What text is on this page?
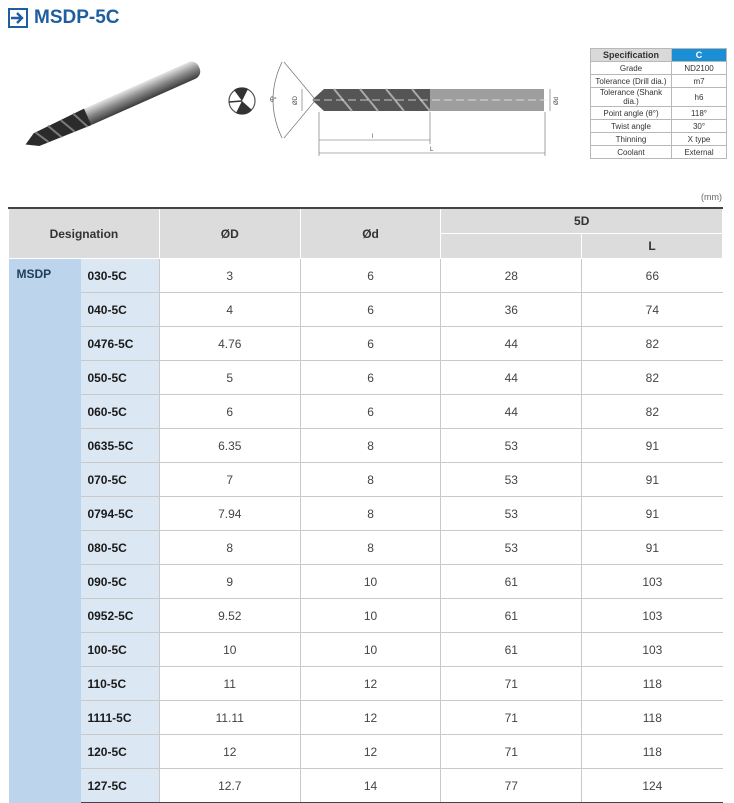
MSDP-5C
θ°	ØD	Ød
l
L
Specification	C
Grade	ND2100
Tolerance (Drill dia.)	m7
Tolerance (Shank dia.)	h6
Point angle (θ°)	118°
Twist angle	30°
Thinning	X type
Coolant	External
(mm)
Designation		ØD	Ød	5D	
					L
MSDP	030-5C	3	6	28	66
	040-5C	4	6	36	74
	0476-5C	4.76	6	44	82
	050-5C	5	6	44	82
	060-5C	6	6	44	82
	0635-5C	6.35	8	53	91
	070-5C	7	8	53	91
	0794-5C	7.94	8	53	91
	080-5C	8	8	53	91
	090-5C	9	10	61	103
	0952-5C	9.52	10	61	103
	100-5C	10	10	61	103
	110-5C	11	12	71	118
	1111-5C	11.11	12	71	118
	120-5C	12	12	71	118
	127-5C	12.7	14	77	124
